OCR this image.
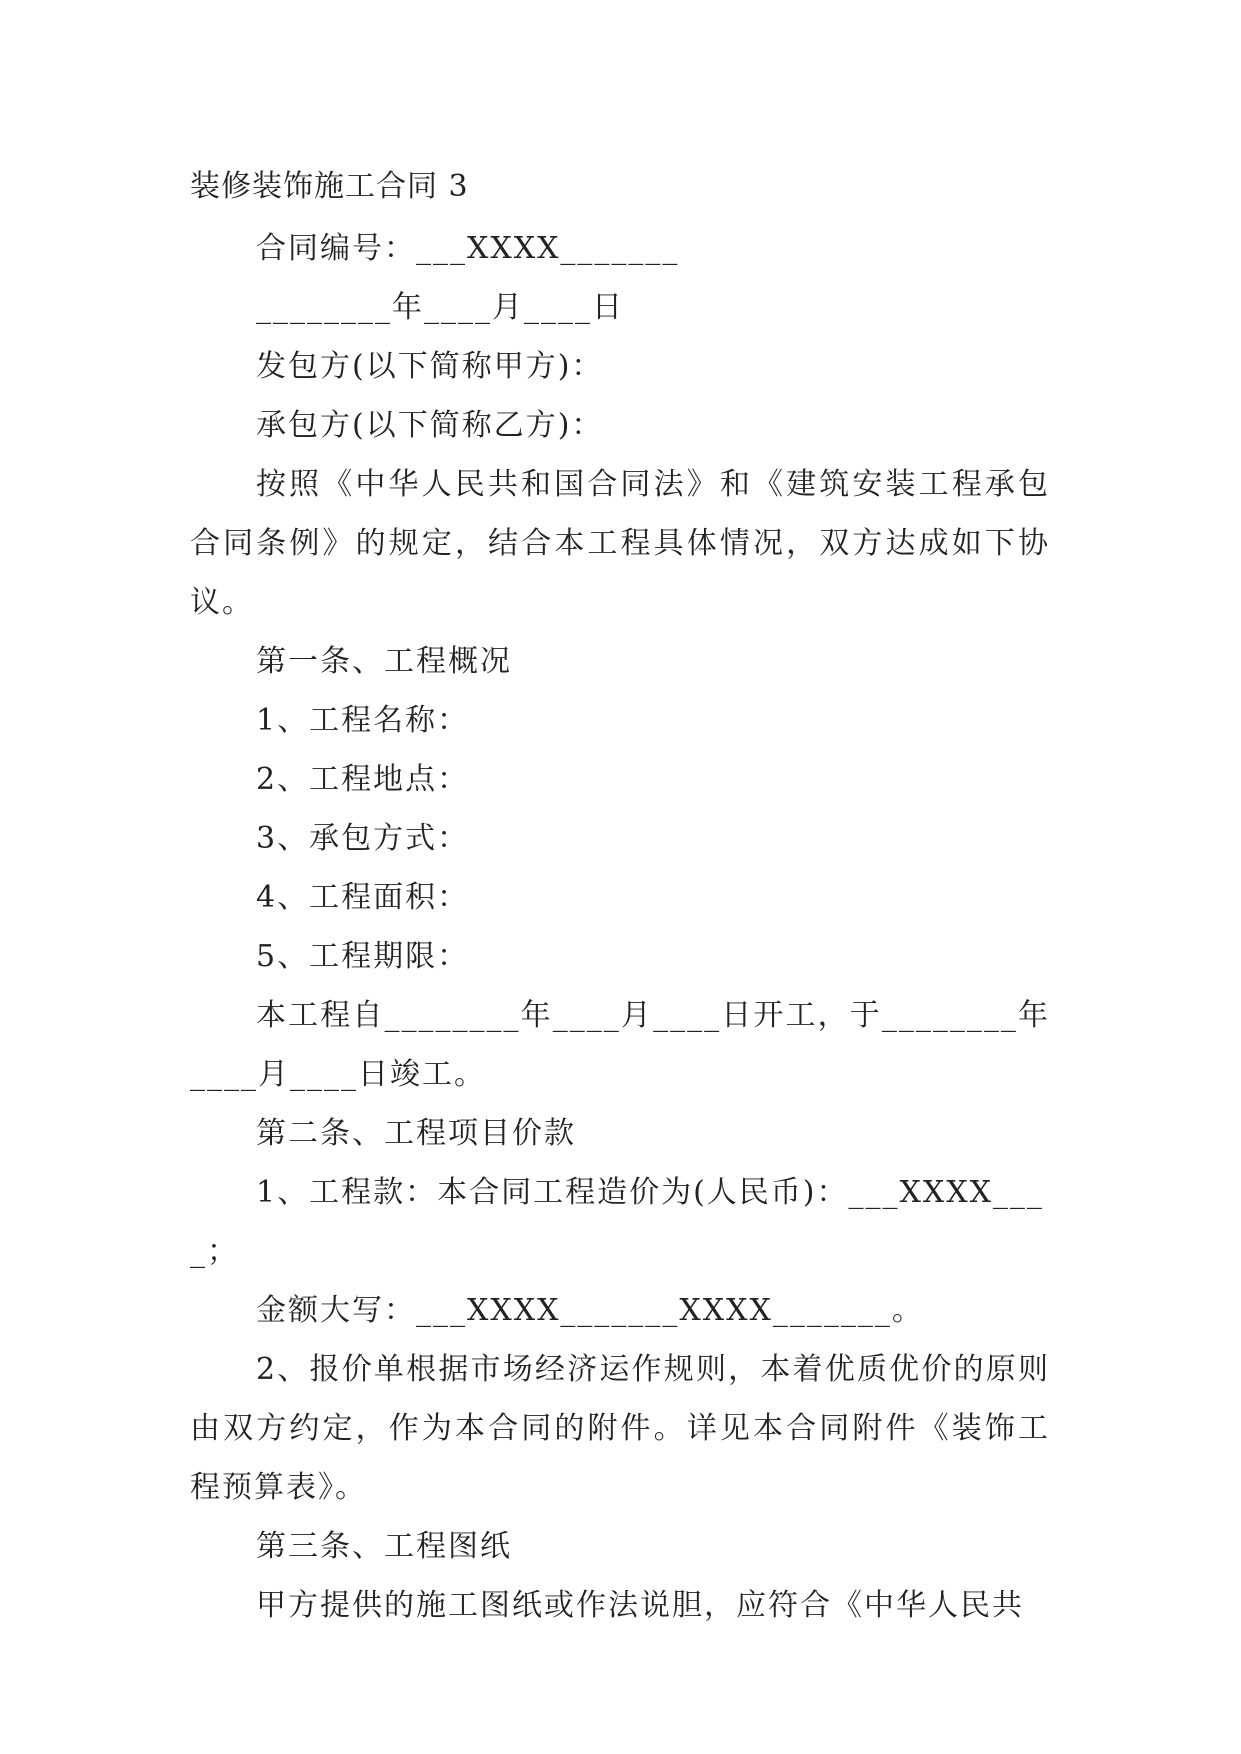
装修装饰施工合同 3
合同编号：___XXXX_______
________年____月____日
发包方(以下简称甲方)：
承包方(以下简称乙方)：
按照《中华人民共和国合同法》和《建筑安装工程承包合同条例》的规定，结合本工程具体情况，双方达成如下协议。
第一条、工程概况
1、工程名称：
2、工程地点：
3、承包方式：
4、工程面积：
5、工程期限：
本工程自________年____月____日开工，于________年____月____日竣工。
第二条、工程项目价款
1、工程款：本合同工程造价为(人民币)：___XXXX____；
金额大写：___XXXX_______XXXX_______。
2、报价单根据市场经济运作规则，本着优质优价的原则由双方约定，作为本合同的附件。详见本合同附件《装饰工程预算表》。
第三条、工程图纸
甲方提供的施工图纸或作法说胆，应符合《中华人民共
